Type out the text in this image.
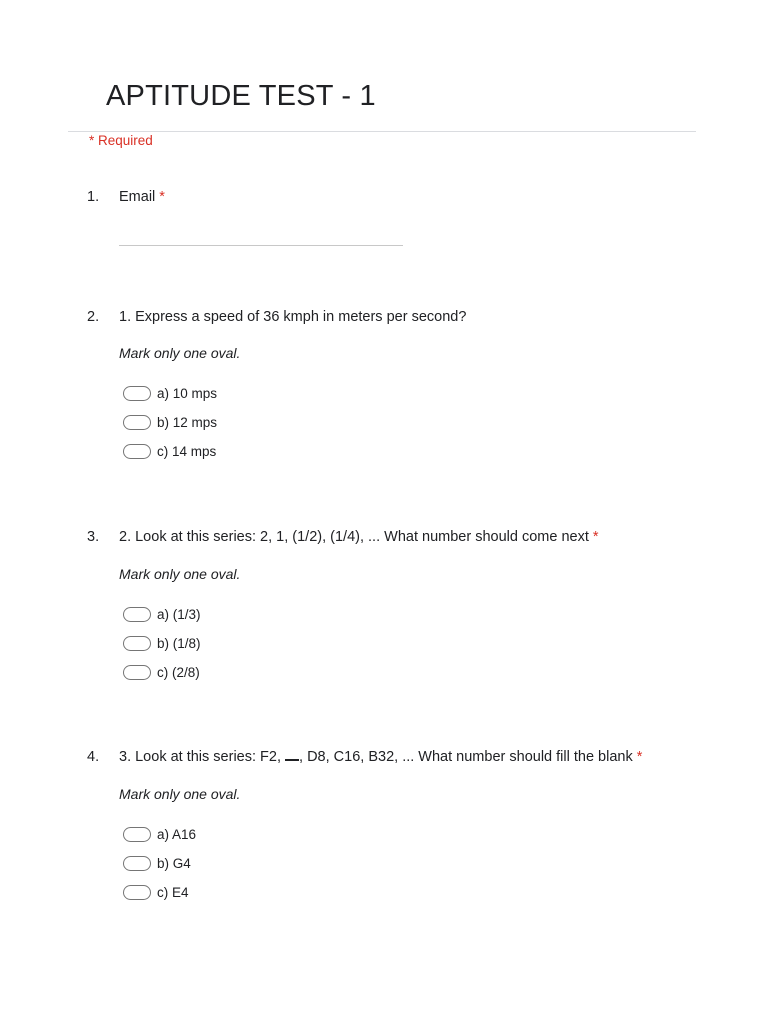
APTITUDE TEST - 1
* Required
1. Email *
2. 1. Express a speed of 36 kmph in meters per second?
Mark only one oval.
a) 10 mps
b) 12 mps
c) 14 mps
3. 2. Look at this series: 2, 1, (1/2), (1/4), ... What number should come next *
Mark only one oval.
a) (1/3)
b) (1/8)
c) (2/8)
4. 3. Look at this series: F2, , D8, C16, B32, ... What number should fill the blank *
Mark only one oval.
a) A16
b) G4
c) E4
